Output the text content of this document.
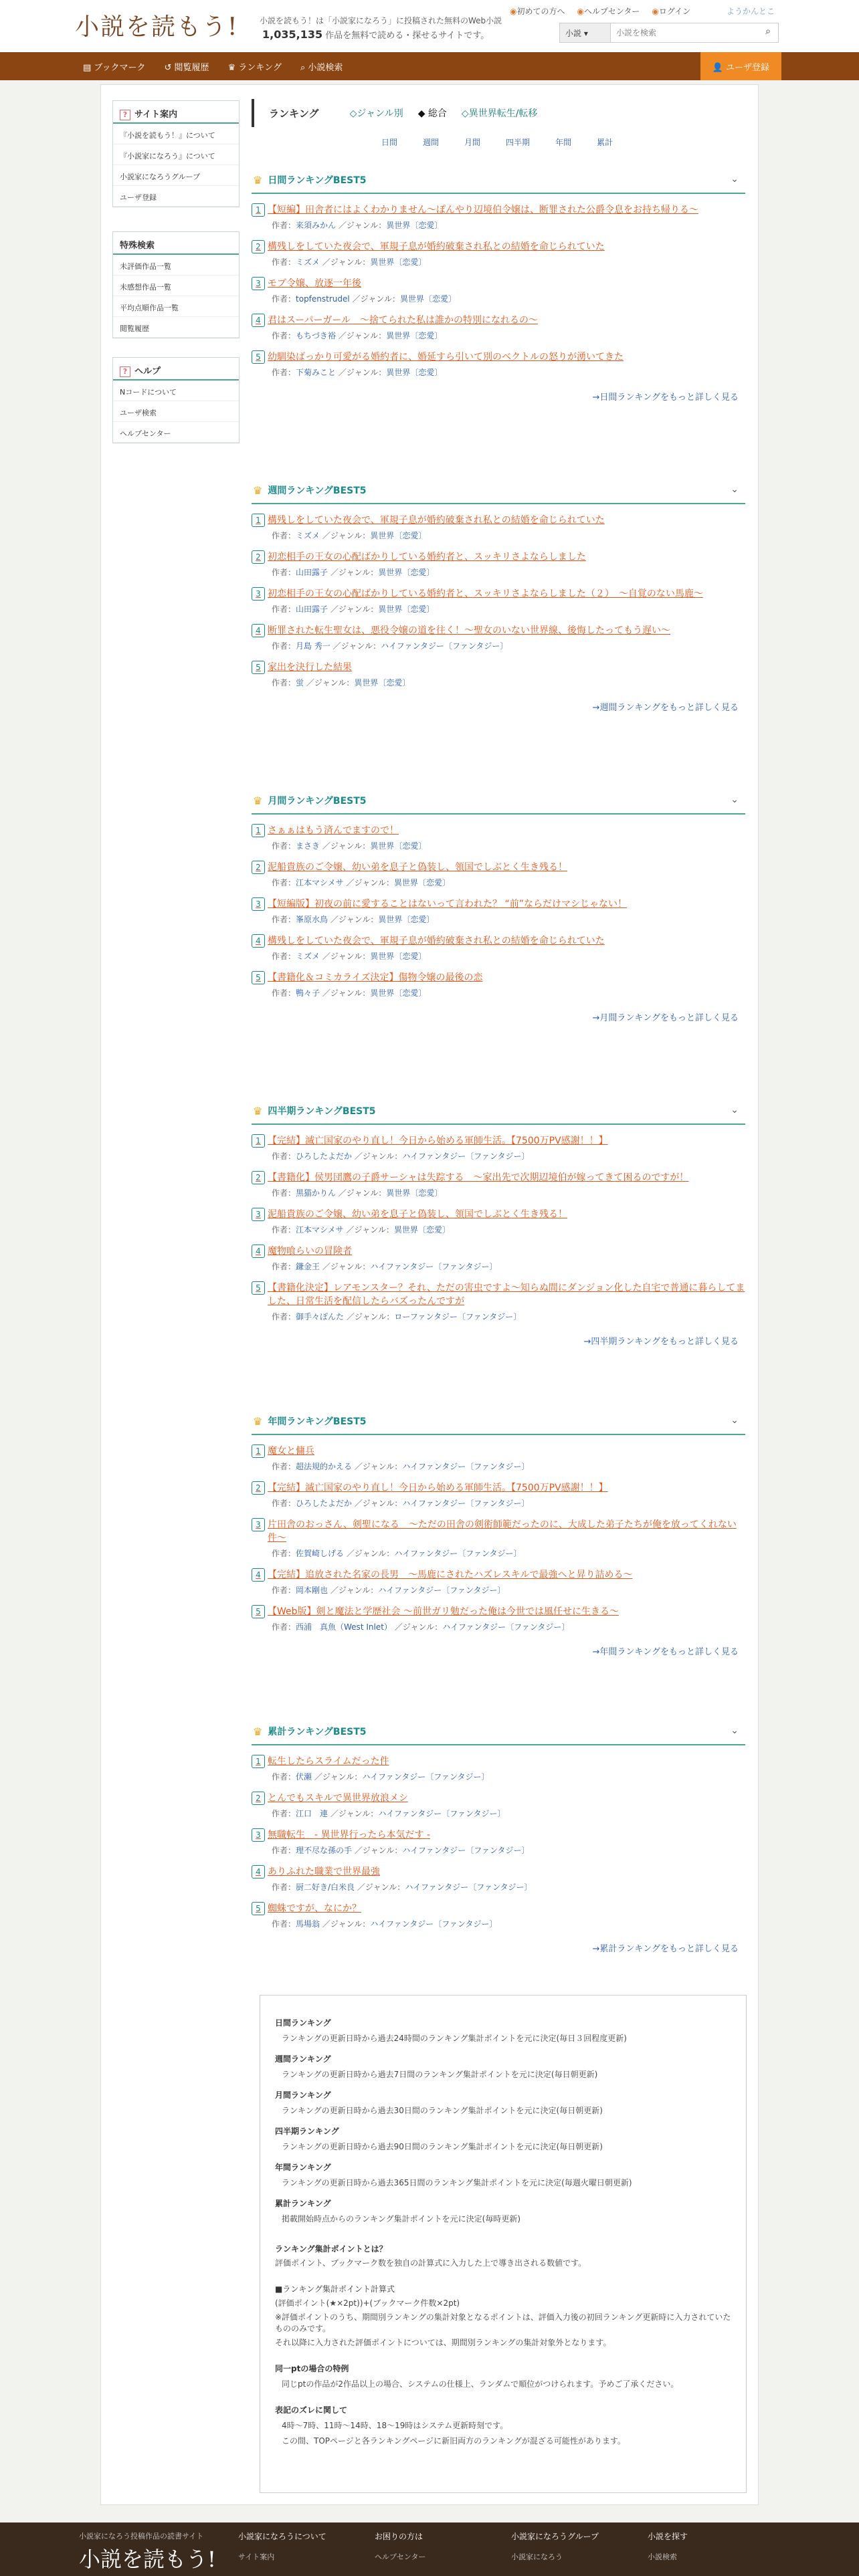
小説を読もう!	小説を読もう！は「小説家になろう」に投稿された無料のWeb小説
1,035,135 作品を無料で読める・探せるサイトです。
◉初めての方へ ◉ヘルプセンター ◉ログイン	ようかんとこ
小説 ▾
小説を検索	⌕
▤ ブックマーク ↺ 閲覧履歴 ♛ ランキング ⌕ 小説検索	👤 ユーザ登録
? サイト案内
『小説を読もう！』について
『小説家になろう』について
小説家になろうグループ
ユーザ登録
特殊検索
未評価作品一覧
未感想作品一覧
平均点順作品一覧
閲覧履歴
? ヘルプ
Nコードについて
ユーザ検索
ヘルプセンター
ランキング	◇ジャンル別 ◆ 総合 ◇異世界転生/転移
日間	週間	月間	四半期	年間	累計
♛ 日間ランキングBEST5	⌄
1 【短編】田舎者にはよくわかりません～ぽんやり辺境伯令嬢は、断罪された公爵令息をお持ち帰りる～
作者：来須みかん ／ジャンル：異世界〔恋愛〕
2 構残しをしていた夜会で、軍規子息が婚約破棄され私との結婚を命じられていた
作者：ミズメ ／ジャンル：異世界〔恋愛〕
3 モブ令嬢、放逐一年後
作者：topfenstrudel ／ジャンル：異世界〔恋愛〕
4 君はスーパーガール　～捨てられた私は誰かの特別になれるの～
作者：もちづき裕 ／ジャンル：異世界〔恋愛〕
5 幼馴染ばっかり可愛がる婚約者に、婚延すら引いて別のベクトルの怒りが湧いてきた
作者：下菊みこと ／ジャンル：異世界〔恋愛〕
→日間ランキングをもっと詳しく見る
♛ 週間ランキングBEST5	⌄
1 構残しをしていた夜会で、軍規子息が婚約破棄され私との結婚を命じられていた
作者：ミズメ ／ジャンル：異世界〔恋愛〕
2 初恋相手の王女の心配ばかりしている婚約者と、スッキリさよならしました
作者：山田露子 ／ジャンル：異世界〔恋愛〕
3 初恋相手の王女の心配ばかりしている婚約者と、スッキリさよならしました（２）　～自覚のない馬鹿～
作者：山田露子 ／ジャンル：異世界〔恋愛〕
4 断罪された転生聖女は、悪役令嬢の道を往く！～聖女のいない世界線、後悔したってもう遅い～
作者：月島 秀一 ／ジャンル：ハイファンタジー〔ファンタジー〕
5 家出を決行した結果
作者：蛍 ／ジャンル：異世界〔恋愛〕
→週間ランキングをもっと詳しく見る
♛ 月間ランキングBEST5	⌄
1 さぁぁはもう済んでますので！
作者：まさき ／ジャンル：異世界〔恋愛〕
2 泥船貴族のご令嬢、幼い弟を息子と偽装し、領国でしぶとく生き残る！
作者：江本マシメサ ／ジャンル：異世界〔恋愛〕
3 【短編版】初夜の前に愛することはないって言われた？ “前”ならだけマシじゃない！
作者：峯原水鳥 ／ジャンル：異世界〔恋愛〕
4 構残しをしていた夜会で、軍規子息が婚約破棄され私との結婚を命じられていた
作者：ミズメ ／ジャンル：異世界〔恋愛〕
5 【書籍化＆コミカライズ決定】傷物令嬢の最後の恋
作者：鴨々子 ／ジャンル：異世界〔恋愛〕
→月間ランキングをもっと詳しく見る
♛ 四半期ランキングBEST5	⌄
1 【完結】滅亡国家のやり直し！今日から始める軍師生活。【7500万PV感謝！！】
作者：ひろしたよだか ／ジャンル：ハイファンタジー〔ファンタジー〕
2 【書籍化】侯男団鷹の子爵サーシャは失踪する　～家出先で次期辺境伯が嫁ってきて困るのですが！
作者：黒猫かりん ／ジャンル：異世界〔恋愛〕
3 泥船貴族のご令嬢、幼い弟を息子と偽装し、領国でしぶとく生き残る！
作者：江本マシメサ ／ジャンル：異世界〔恋愛〕
4 魔物喰らいの冒険者
作者：鎌金王 ／ジャンル：ハイファンタジー〔ファンタジー〕
5 【書籍化決定】レアモンスター？それ、ただの害虫ですよ～知らぬ間にダンジョン化した自宅で普通に暮らしてました、日常生活を配信したらバズったんですが
作者：御手々ぽんた ／ジャンル：ローファンタジー〔ファンタジー〕
→四半期ランキングをもっと詳しく見る
♛ 年間ランキングBEST5	⌄
1 魔女と傭兵
作者：超法規的かえる ／ジャンル：ハイファンタジー〔ファンタジー〕
2 【完結】滅亡国家のやり直し！今日から始める軍師生活。【7500万PV感謝！！】
作者：ひろしたよだか ／ジャンル：ハイファンタジー〔ファンタジー〕
3 片田舎のおっさん、剣聖になる　～ただの田舎の剣術師範だったのに、大成した弟子たちが俺を放ってくれない件～
作者：佐賀崎しげる ／ジャンル：ハイファンタジー〔ファンタジー〕
4 【完結】追放された名家の長男　～馬鹿にされたハズレスキルで最強へと昇り詰める～
作者：岡本剛也 ／ジャンル：ハイファンタジー〔ファンタジー〕
5 【Web版】剣と魔法と学歴社会 ～前世ガリ勉だった俺は今世では風任せに生きる～
作者：西浦　真魚（West Inlet） ／ジャンル：ハイファンタジー〔ファンタジー〕
→年間ランキングをもっと詳しく見る
♛ 累計ランキングBEST5	⌄
1 転生したらスライムだった件
作者：伏瀬 ／ジャンル：ハイファンタジー〔ファンタジー〕
2 とんでもスキルで異世界放浪メシ
作者：江口　連 ／ジャンル：ハイファンタジー〔ファンタジー〕
3 無職転生　- 異世界行ったら本気だす -
作者：理不尽な孫の手 ／ジャンル：ハイファンタジー〔ファンタジー〕
4 ありふれた職業で世界最強
作者：厨二好き/白米良 ／ジャンル：ハイファンタジー〔ファンタジー〕
5 蜘蛛ですが、なにか？
作者：馬場翁 ／ジャンル：ハイファンタジー〔ファンタジー〕
→累計ランキングをもっと詳しく見る
日間ランキング
ランキングの更新日時から過去24時間のランキング集計ポイントを元に決定(毎日３回程度更新)
週間ランキング
ランキングの更新日時から過去7日間のランキング集計ポイントを元に決定(毎日朝更新)
月間ランキング
ランキングの更新日時から過去30日間のランキング集計ポイントを元に決定(毎日朝更新)
四半期ランキング
ランキングの更新日時から過去90日間のランキング集計ポイントを元に決定(毎日朝更新)
年間ランキング
ランキングの更新日時から過去365日間のランキング集計ポイントを元に決定(毎週火曜日朝更新)
累計ランキング
掲載開始時点からのランキング集計ポイントを元に決定(毎時更新)
ランキング集計ポイントとは？
評価ポイント、ブックマーク数を独自の計算式に入力した上で導き出される数値です。
■ランキング集計ポイント計算式
(評価ポイント(★×2pt))+(ブックマーク件数×2pt)
※評価ポイントのうち、期間別ランキングの集計対象となるポイントは、評価入力後の初回ランキング更新時に入力されていたもののみです。
それ以降に入力された評価ポイントについては、期間別ランキングの集計対象外となります。
同一ptの場合の特例
同じptの作品が2作品以上の場合、システムの仕様上、ランダムで順位がつけられます。予めご了承ください。
表記のズレに関して
4時～7時、11時～14時、18～19時はシステム更新時刻です。
この間、TOPページと各ランキングページに新旧両方のランキングが混ざる可能性があります。
小説家になろう投稿作品の読書サイト
小説を読もう!
小説家になろうについて
サイト案内
お困りの方は
ヘルプセンター
小説家になろうグループ
小説家になろう
小説を探す
小説検索
